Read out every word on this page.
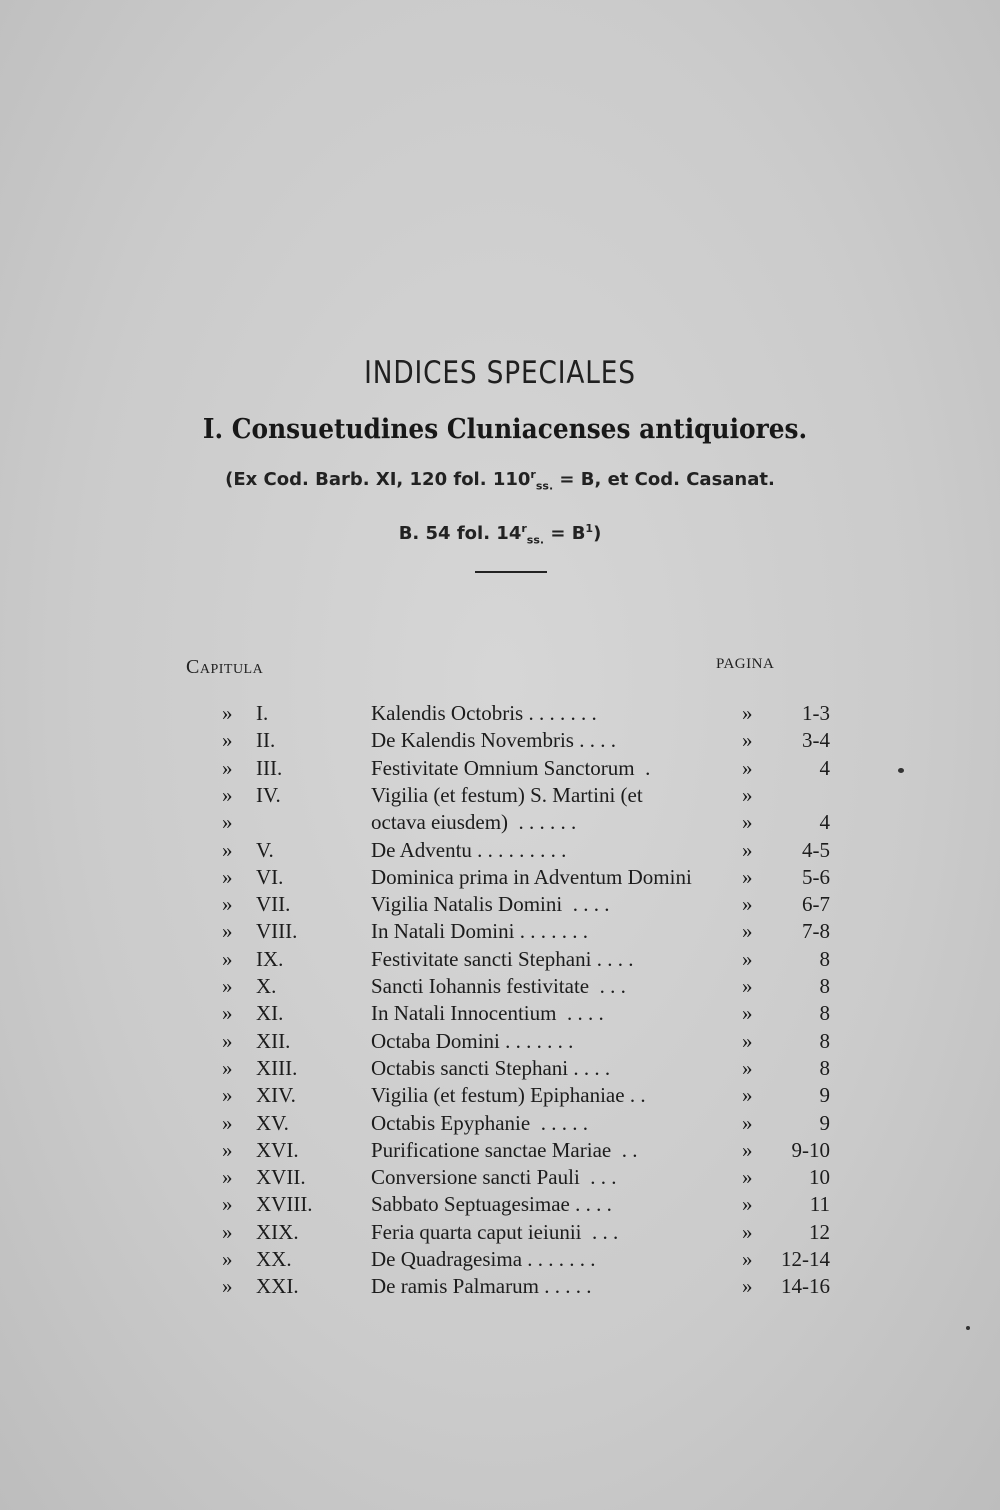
INDICES SPECIALES
I. Consuetudines Cluniacenses antiquiores.
(Ex Cod. Barb. XI, 120 fol. $110^r_{ss.} = B$, et Cod. Casanat.
B. 54 fol. $14^r_{ss.} = B^1$)
Capitula	PAGINA
» I.	Kalendis Octobris . . . . . . .	» 1-3
» II.	De Kalendis Novembris . . . .	» 3-4
» III.	Festivitate Omnium Sanctorum  .	»	4
» IV.	Vigilia (et festum) S. Martini (et	»
»	octava eiusdem)  . . . . . .	»	4
» V.	De Adventu . . . . . . . . .	» 4-5
» VI.	Dominica prima in Adventum Domini » 5-6
» VII.	Vigilia Natalis Domini  . . . .	» 6-7
» VIII.	In Natali Domini . . . . . . .	» 7-8
» IX.	Festivitate sancti Stephani . . . .	»	8
» X.	Sancti Iohannis festivitate  . . .	»	8
» XI.	In Natali Innocentium  . . . .	»	8
» XII.	Octaba Domini . . . . . . .	»	8
» XIII.	Octabis sancti Stephani . . . .	»	8
» XIV.	Vigilia (et festum) Epiphaniae . .	»	9
» XV.	Octabis Epyphanie  . . . . .	»	9
» XVI.	Purificatione sanctae Mariae  . .	» 9-10
» XVII.	Conversione sancti Pauli  . . .	»	10
» XVIII.	Sabbato Septuagesimae . . . .	»	11
» XIX.	Feria quarta caput ieiunii  . . .	»	12
» XX.	De Quadragesima . . . . . . .	» 12-14
» XXI.	De ramis Palmarum . . . . .	» 14-16
